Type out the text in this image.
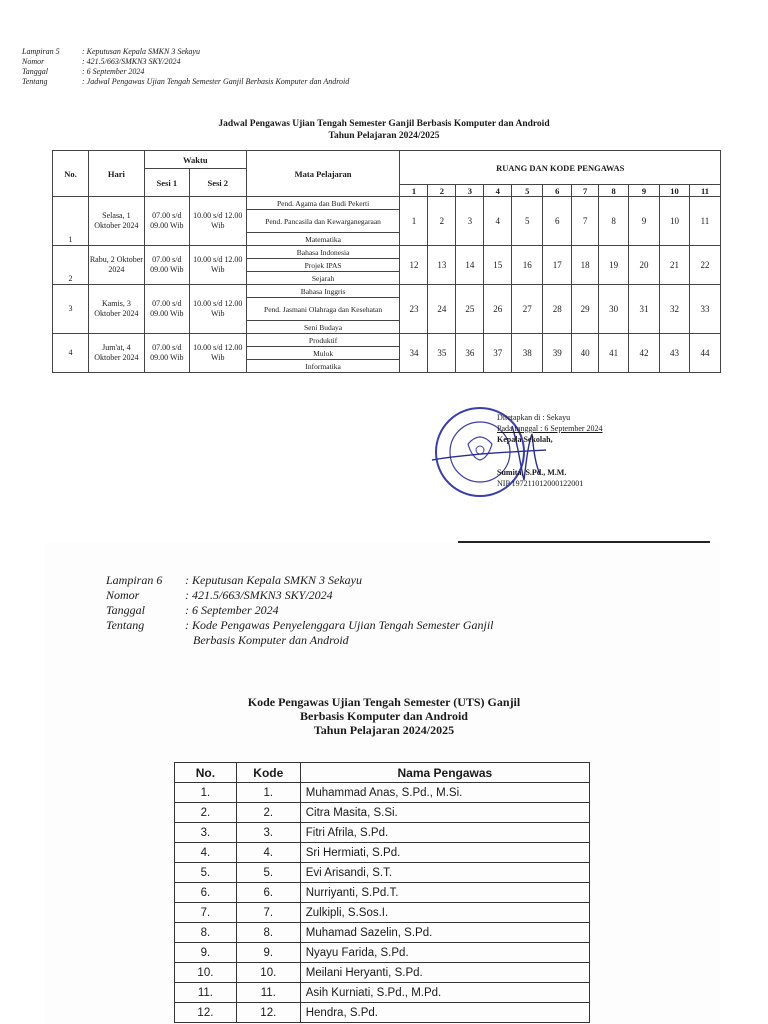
Lampiran 5	: Keputusan Kepala SMKN 3 Sekayu
Nomor	: 421.5/663/SMKN3 SKY/2024
Tanggal	: 6 September 2024
Tentang	: Jadwal Pengawas Ujian Tengah Semester Ganjil Berbasis Komputer dan Android
Jadwal Pengawas Ujian Tengah Semester Ganjil Berbasis Komputer dan Android
Tahun Pelajaran 2024/2025
No.	Hari	Waktu		Mata Pelajaran	RUANG DAN KODE PENGAWAS										
		Sesi 1	Sesi 2												
					1	2	3	4	5	6	7	8	9	10	11
1	Selasa, 1 Oktober 2024	07.00 s/d 09.00 Wib	10.00 s/d 12.00 Wib	Pend. Agama dan Budi Pekerti	1	2	3	4	5	6	7	8	9	10	11
				Pend. Pancasila dan Kewarganegaraan											
				Matematika											
2	Rabu, 2 Oktober 2024	07.00 s/d 09.00 Wib	10.00 s/d 12.00 Wib	Bahasa Indonesia	12	13	14	15	16	17	18	19	20	21	22
				Projek IPAS											
				Sejarah											
3	Kamis, 3 Oktober 2024	07.00 s/d 09.00 Wib	10.00 s/d 12.00 Wib	Bahasa Inggris	23	24	25	26	27	28	29	30	31	32	33
				Pend. Jasmani Olahraga dan Kesehatan											
				Seni Budaya											
4	Jum'at, 4 Oktober 2024	07.00 s/d 09.00 Wib	10.00 s/d 12.00 Wib	Produktif	34	35	36	37	38	39	40	41	42	43	44
				Mulok											
				Informatika											
Ditetapkan di : Sekayu
Pada tanggal : 6 September 2024
Kepala Sekolah,
Sumita, S.Pd., M.M.
NIP 197211012000122001
Lampiran 6	: Keputusan Kepala SMKN 3 Sekayu
Nomor	: 421.5/663/SMKN3 SKY/2024
Tanggal	: 6 September 2024
Tentang	: Kode Pengawas Penyelenggara Ujian Tengah Semester Ganjil
Berbasis Komputer dan Android
Kode Pengawas Ujian Tengah Semester (UTS) Ganjil
Berbasis Komputer dan Android
Tahun Pelajaran 2024/2025
No.	Kode	Nama Pengawas
1.	1.	Muhammad Anas, S.Pd., M.Si.
2.	2.	Citra Masita, S.Si.
3.	3.	Fitri Afrila, S.Pd.
4.	4.	Sri Hermiati, S.Pd.
5.	5.	Evi Arisandi, S.T.
6.	6.	Nurriyanti, S.Pd.T.
7.	7.	Zulkipli, S.Sos.I.
8.	8.	Muhamad Sazelin, S.Pd.
9.	9.	Nyayu Farida, S.Pd.
10.	10.	Meilani Heryanti, S.Pd.
11.	11.	Asih Kurniati, S.Pd., M.Pd.
12.	12.	Hendra, S.Pd.
